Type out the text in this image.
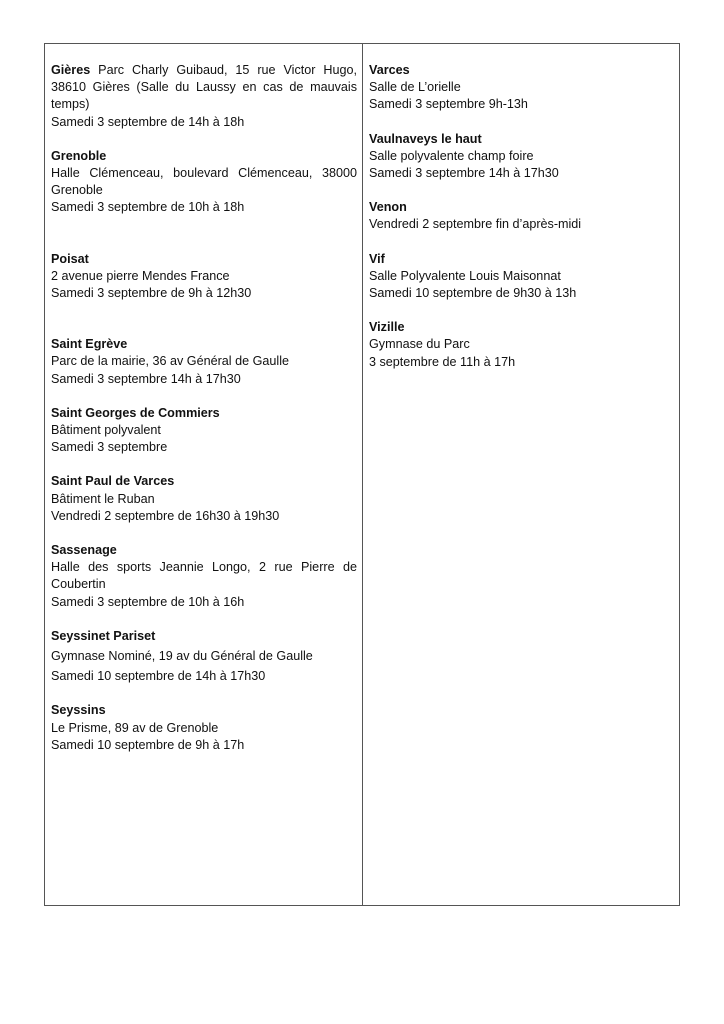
Gières Parc Charly Guibaud, 15 rue Victor Hugo, 38610 Gières (Salle du Laussy en cas de mauvais temps)
Samedi 3 septembre de 14h à 18h
Grenoble
Halle Clémenceau, boulevard Clémenceau, 38000 Grenoble
Samedi 3 septembre de 10h à 18h
Poisat
2 avenue pierre Mendes France
Samedi 3 septembre de 9h à 12h30
Saint Egrève
Parc de la mairie, 36 av Général de Gaulle
Samedi 3 septembre 14h à 17h30
Saint Georges de Commiers
Bâtiment polyvalent
Samedi 3 septembre
Saint Paul de Varces
Bâtiment le Ruban
Vendredi 2 septembre de 16h30 à 19h30
Sassenage
Halle des sports Jeannie Longo, 2 rue Pierre de Coubertin
Samedi 3 septembre de 10h à 16h
Seyssinet Pariset
Gymnase Nominé, 19 av du Général de Gaulle
Samedi 10 septembre de 14h à 17h30
Seyssins
Le Prisme, 89 av de Grenoble
Samedi 10 septembre de 9h à 17h
Varces
Salle de L’orielle
Samedi 3 septembre 9h-13h
Vaulnaveys le haut
Salle polyvalente champ foire
Samedi 3 septembre 14h à 17h30
Venon
Vendredi 2 septembre fin d’après-midi
Vif
Salle Polyvalente Louis Maisonnat
Samedi 10 septembre de 9h30 à 13h
Vizille
Gymnase du Parc
3 septembre de 11h à 17h
